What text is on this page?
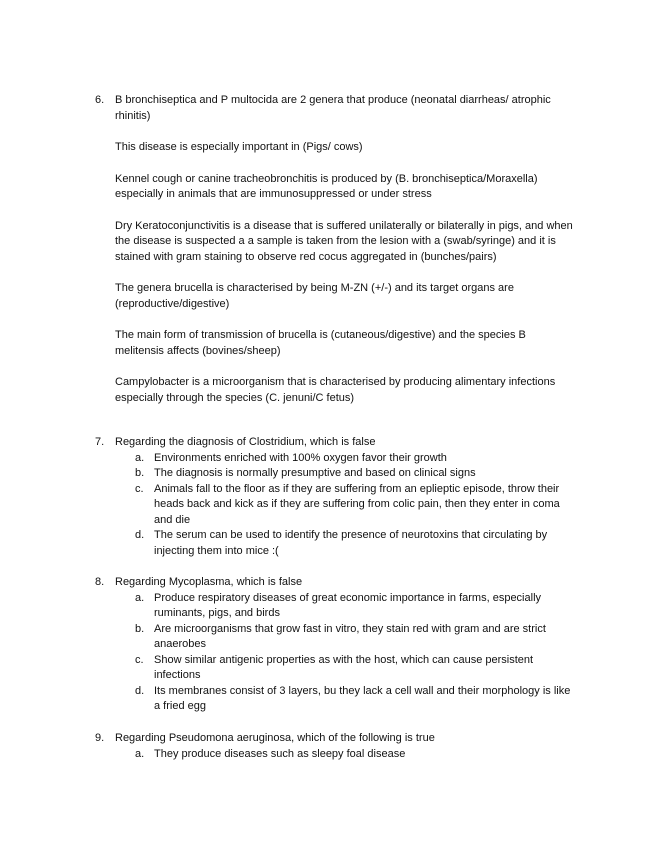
6. B bronchiseptica and P multocida are 2 genera that produce (neonatal diarrheas/ atrophic rhinitis)

This disease is especially important in (Pigs/ cows)

Kennel cough or canine tracheobronchitis is produced by (B. bronchiseptica/Moraxella) especially in animals that are immunosuppressed or under stress

Dry Keratoconjunctivitis is a disease that is suffered unilaterally or bilaterally in pigs, and when the disease is suspected a a sample is taken from the lesion with a (swab/syringe) and it is stained with gram staining to observe red cocus aggregated in (bunches/pairs)

The genera brucella is characterised by being M-ZN (+/-) and its target organs are (reproductive/digestive)

The main form of transmission of brucella is (cutaneous/digestive) and the species B melitensis affects (bovines/sheep)

Campylobacter is a microorganism that is characterised by producing alimentary infections especially through the species (C. jenuni/C fetus)

7. Regarding the diagnosis of Clostridium, which is false
a. Environments enriched with 100% oxygen favor their growth
b. The diagnosis is normally presumptive and based on clinical signs
c. Animals fall to the floor as if they are suffering from an eplieptic episode, throw their heads back and kick as if they are suffering from colic pain, then they enter in coma and die
d. The serum can be used to identify the presence of neurotoxins that circulating by injecting them into mice :(
8. Regarding Mycoplasma, which is false
a. Produce respiratory diseases of great economic importance in farms, especially ruminants, pigs, and birds
b. Are microorganisms that grow fast in vitro, they stain red with gram and are strict anaerobes
c. Show similar antigenic properties as with the host, which can cause persistent infections
d. Its membranes consist of 3 layers, bu they lack a cell wall and their morphology is like a fried egg
9. Regarding Pseudomona aeruginosa, which of the following is true
a. They produce diseases such as sleepy foal disease
